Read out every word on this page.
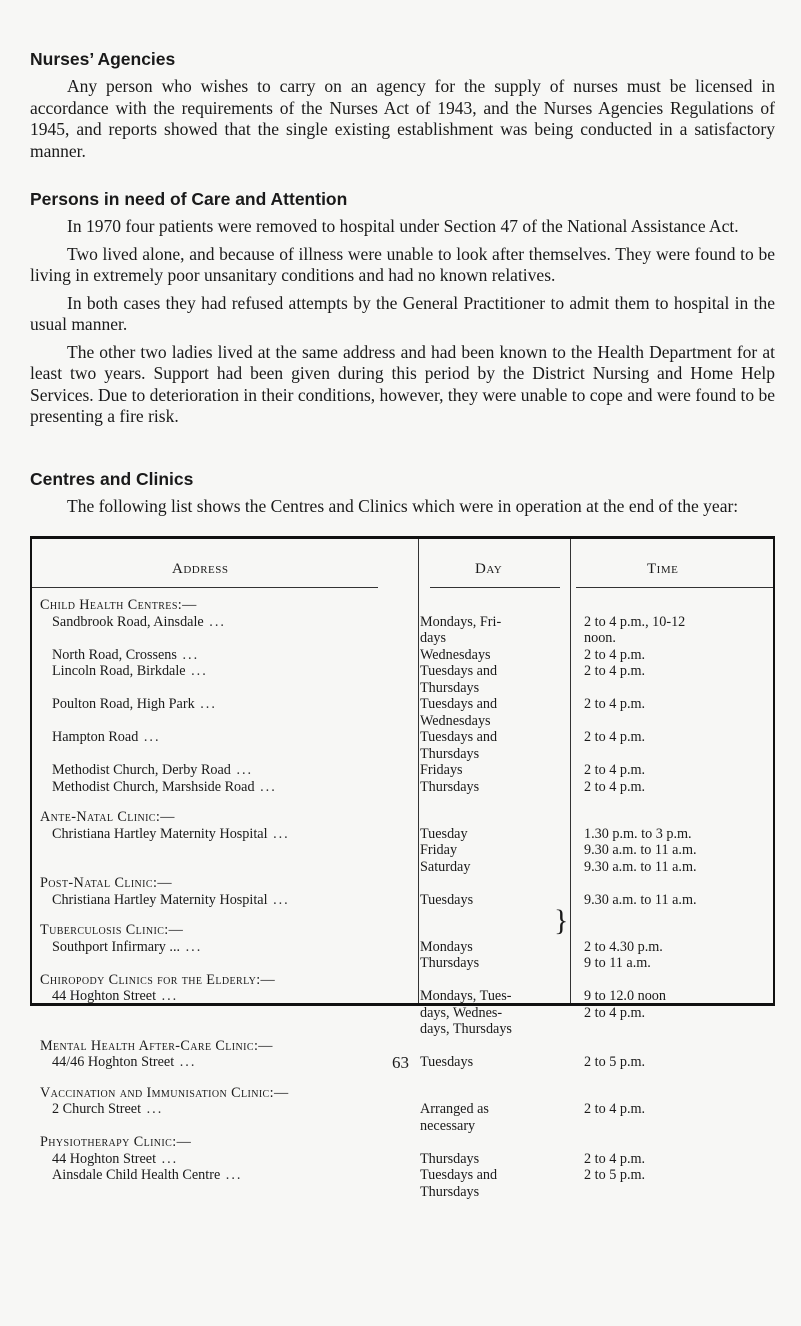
Nurses’ Agencies

Any person who wishes to carry on an agency for the supply of nurses must be licensed in accordance with the requirements of the Nurses Act of 1943, and the Nurses Agencies Regulations of 1945, and reports showed that the single existing establishment was being conducted in a satisfactory manner.

Persons in need of Care and Attention

In 1970 four patients were removed to hospital under Section 47 of the National Assistance Act.

Two lived alone, and because of illness were unable to look after themselves. They were found to be living in extremely poor unsanitary conditions and had no known relatives.

In both cases they had refused attempts by the General Practitioner to admit them to hospital in the usual manner.

The other two ladies lived at the same address and had been known to the Health Department for at least two years. Support had been given during this period by the District Nursing and Home Help Services. Due to deterioration in their conditions, however, they were unable to cope and were found to be presenting a fire risk.

Centres and Clinics

The following list shows the Centres and Clinics which were in operation at the end of the year:

Address	Day	Time
Child Health Centres:—
Sandbrook Road, Ainsdale ...	Mondays, Fri-	2 to 4 p.m., 10-12
days	noon.
North Road, Crossens ...	Wednesdays	2 to 4 p.m.
Lincoln Road, Birkdale ...	Tuesdays and	2 to 4 p.m.
Thursdays
Poulton Road, High Park ...	Tuesdays and	2 to 4 p.m.
Wednesdays
Hampton Road ...	Tuesdays and	2 to 4 p.m.
Thursdays
Methodist Church, Derby Road ...	Fridays	2 to 4 p.m.
Methodist Church, Marshside Road ...	Thursdays	2 to 4 p.m.
Ante-Natal Clinic:—
Christiana Hartley Maternity Hospital ...	Tuesday	1.30 p.m. to 3 p.m.
Friday	9.30 a.m. to 11 a.m.
Saturday	9.30 a.m. to 11 a.m.
Post-Natal Clinic:—
Christiana Hartley Maternity Hospital ...	Tuesdays	9.30 a.m. to 11 a.m.
Tuberculosis Clinic:—
Southport Infirmary ... ...	Mondays	2 to 4.30 p.m.
Thursdays	9 to 11 a.m.
Chiropody Clinics for the Elderly:—
44 Hoghton Street ...	Mondays, Tues-	9 to 12.0 noon
days, Wednes-	2 to 4 p.m.
days, Thursdays
Mental Health After-Care Clinic:—
44/46 Hoghton Street ...	Tuesdays	2 to 5 p.m.
Vaccination and Immunisation Clinic:—
2 Church Street ...	Arranged as	2 to 4 p.m.
necessary
Physiotherapy Clinic:—
44 Hoghton Street ...	Thursdays	2 to 4 p.m.
Ainsdale Child Health Centre ...	Tuesdays and	2 to 5 p.m.
Thursdays
}
63
